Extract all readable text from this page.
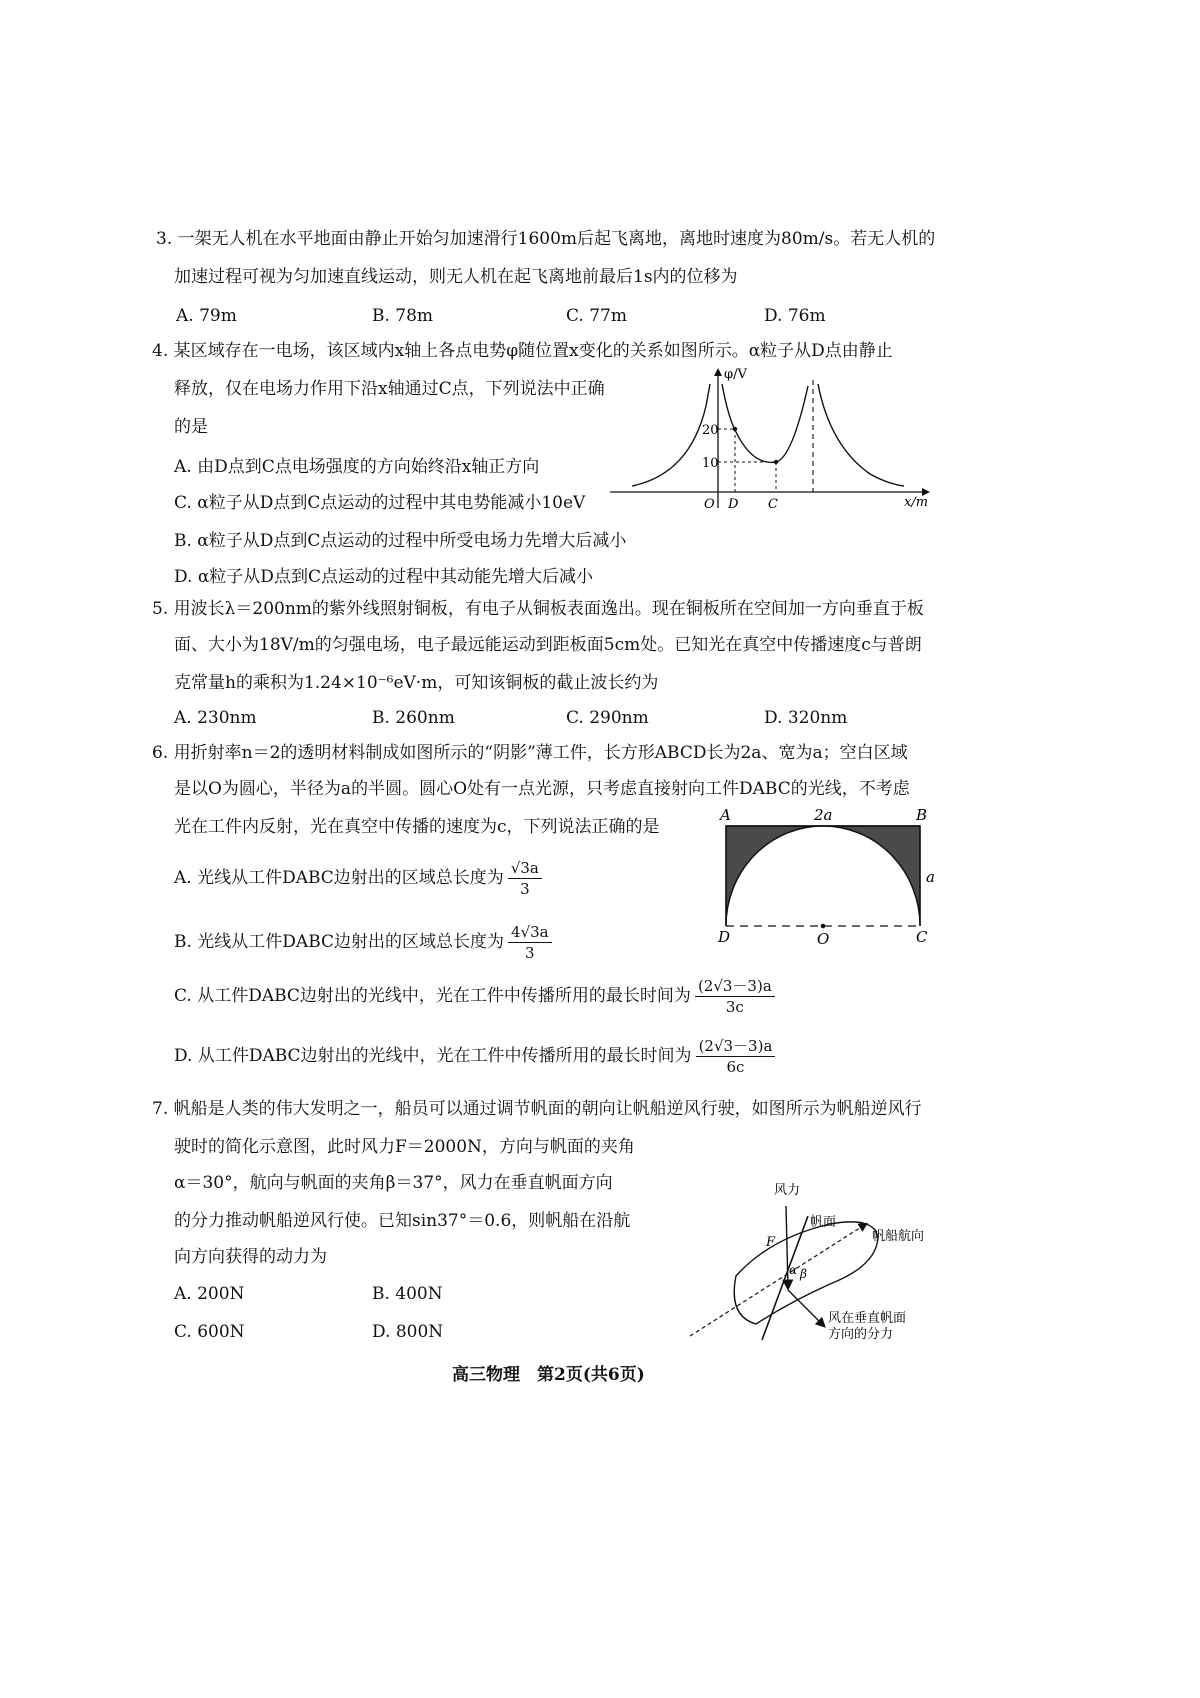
3. 一架无人机在水平地面由静止开始匀加速滑行1600m后起飞离地，离地时速度为80m/s。若无人机的
加速过程可视为匀加速直线运动，则无人机在起飞离地前最后1s内的位移为
A. 79m	B. 78m	C. 77m	D. 76m
4. 某区域存在一电场，该区域内x轴上各点电势φ随位置x变化的关系如图所示。α粒子从D点由静止
释放，仅在电场力作用下沿x轴通过C点，下列说法中正确
的是
A. 由D点到C点电场强度的方向始终沿x轴正方向
C. α粒子从D点到C点运动的过程中其电势能减小10eV
B. α粒子从D点到C点运动的过程中所受电场力先增大后减小
D. α粒子从D点到C点运动的过程中其动能先增大后减小
φ/V
x/m
20
10
O D C
5. 用波长λ＝200nm的紫外线照射铜板，有电子从铜板表面逸出。现在铜板所在空间加一方向垂直于板
面、大小为18V/m的匀强电场，电子最远能运动到距板面5cm处。已知光在真空中传播速度c与普朗
克常量h的乘积为1.24×10⁻⁶eV·m，可知该铜板的截止波长约为
A. 230nm	B. 260nm	C. 290nm	D. 320nm
6. 用折射率n＝2的透明材料制成如图所示的“阴影”薄工件，长方形ABCD长为2a、宽为a；空白区域
是以O为圆心，半径为a的半圆。圆心O处有一点光源，只考虑直接射向工件DABC的光线，不考虑
光在工件内反射，光在真空中传播的速度为c，下列说法正确的是
A. 光线从工件DABC边射出的区域总长度为 $\frac{√3a}{3}$
B. 光线从工件DABC边射出的区域总长度为 $\frac{4√3a}{3}$
C. 从工件DABC边射出的光线中，光在工件中传播所用的最长时间为 $\frac{(2√3-3)a}{3c}$
D. 从工件DABC边射出的光线中，光在工件中传播所用的最长时间为 $\frac{(2√3-3)a}{6c}$
A	B
C
D	O
2a
a
7. 帆船是人类的伟大发明之一，船员可以通过调节帆面的朝向让帆船逆风行驶，如图所示为帆船逆风行
驶时的简化示意图，此时风力F＝2000N，方向与帆面的夹角
α＝30°，航向与帆面的夹角β＝37°，风力在垂直帆面方向
的分力推动帆船逆风行使。已知sin37°＝0.6，则帆船在沿航
向方向获得的动力为
A. 200N	B. 400N
C. 600N	D. 800N
风力
F
帆面
帆船航向
α β
风在垂直帆面
方向的分力
高三物理　第2页(共6页)
